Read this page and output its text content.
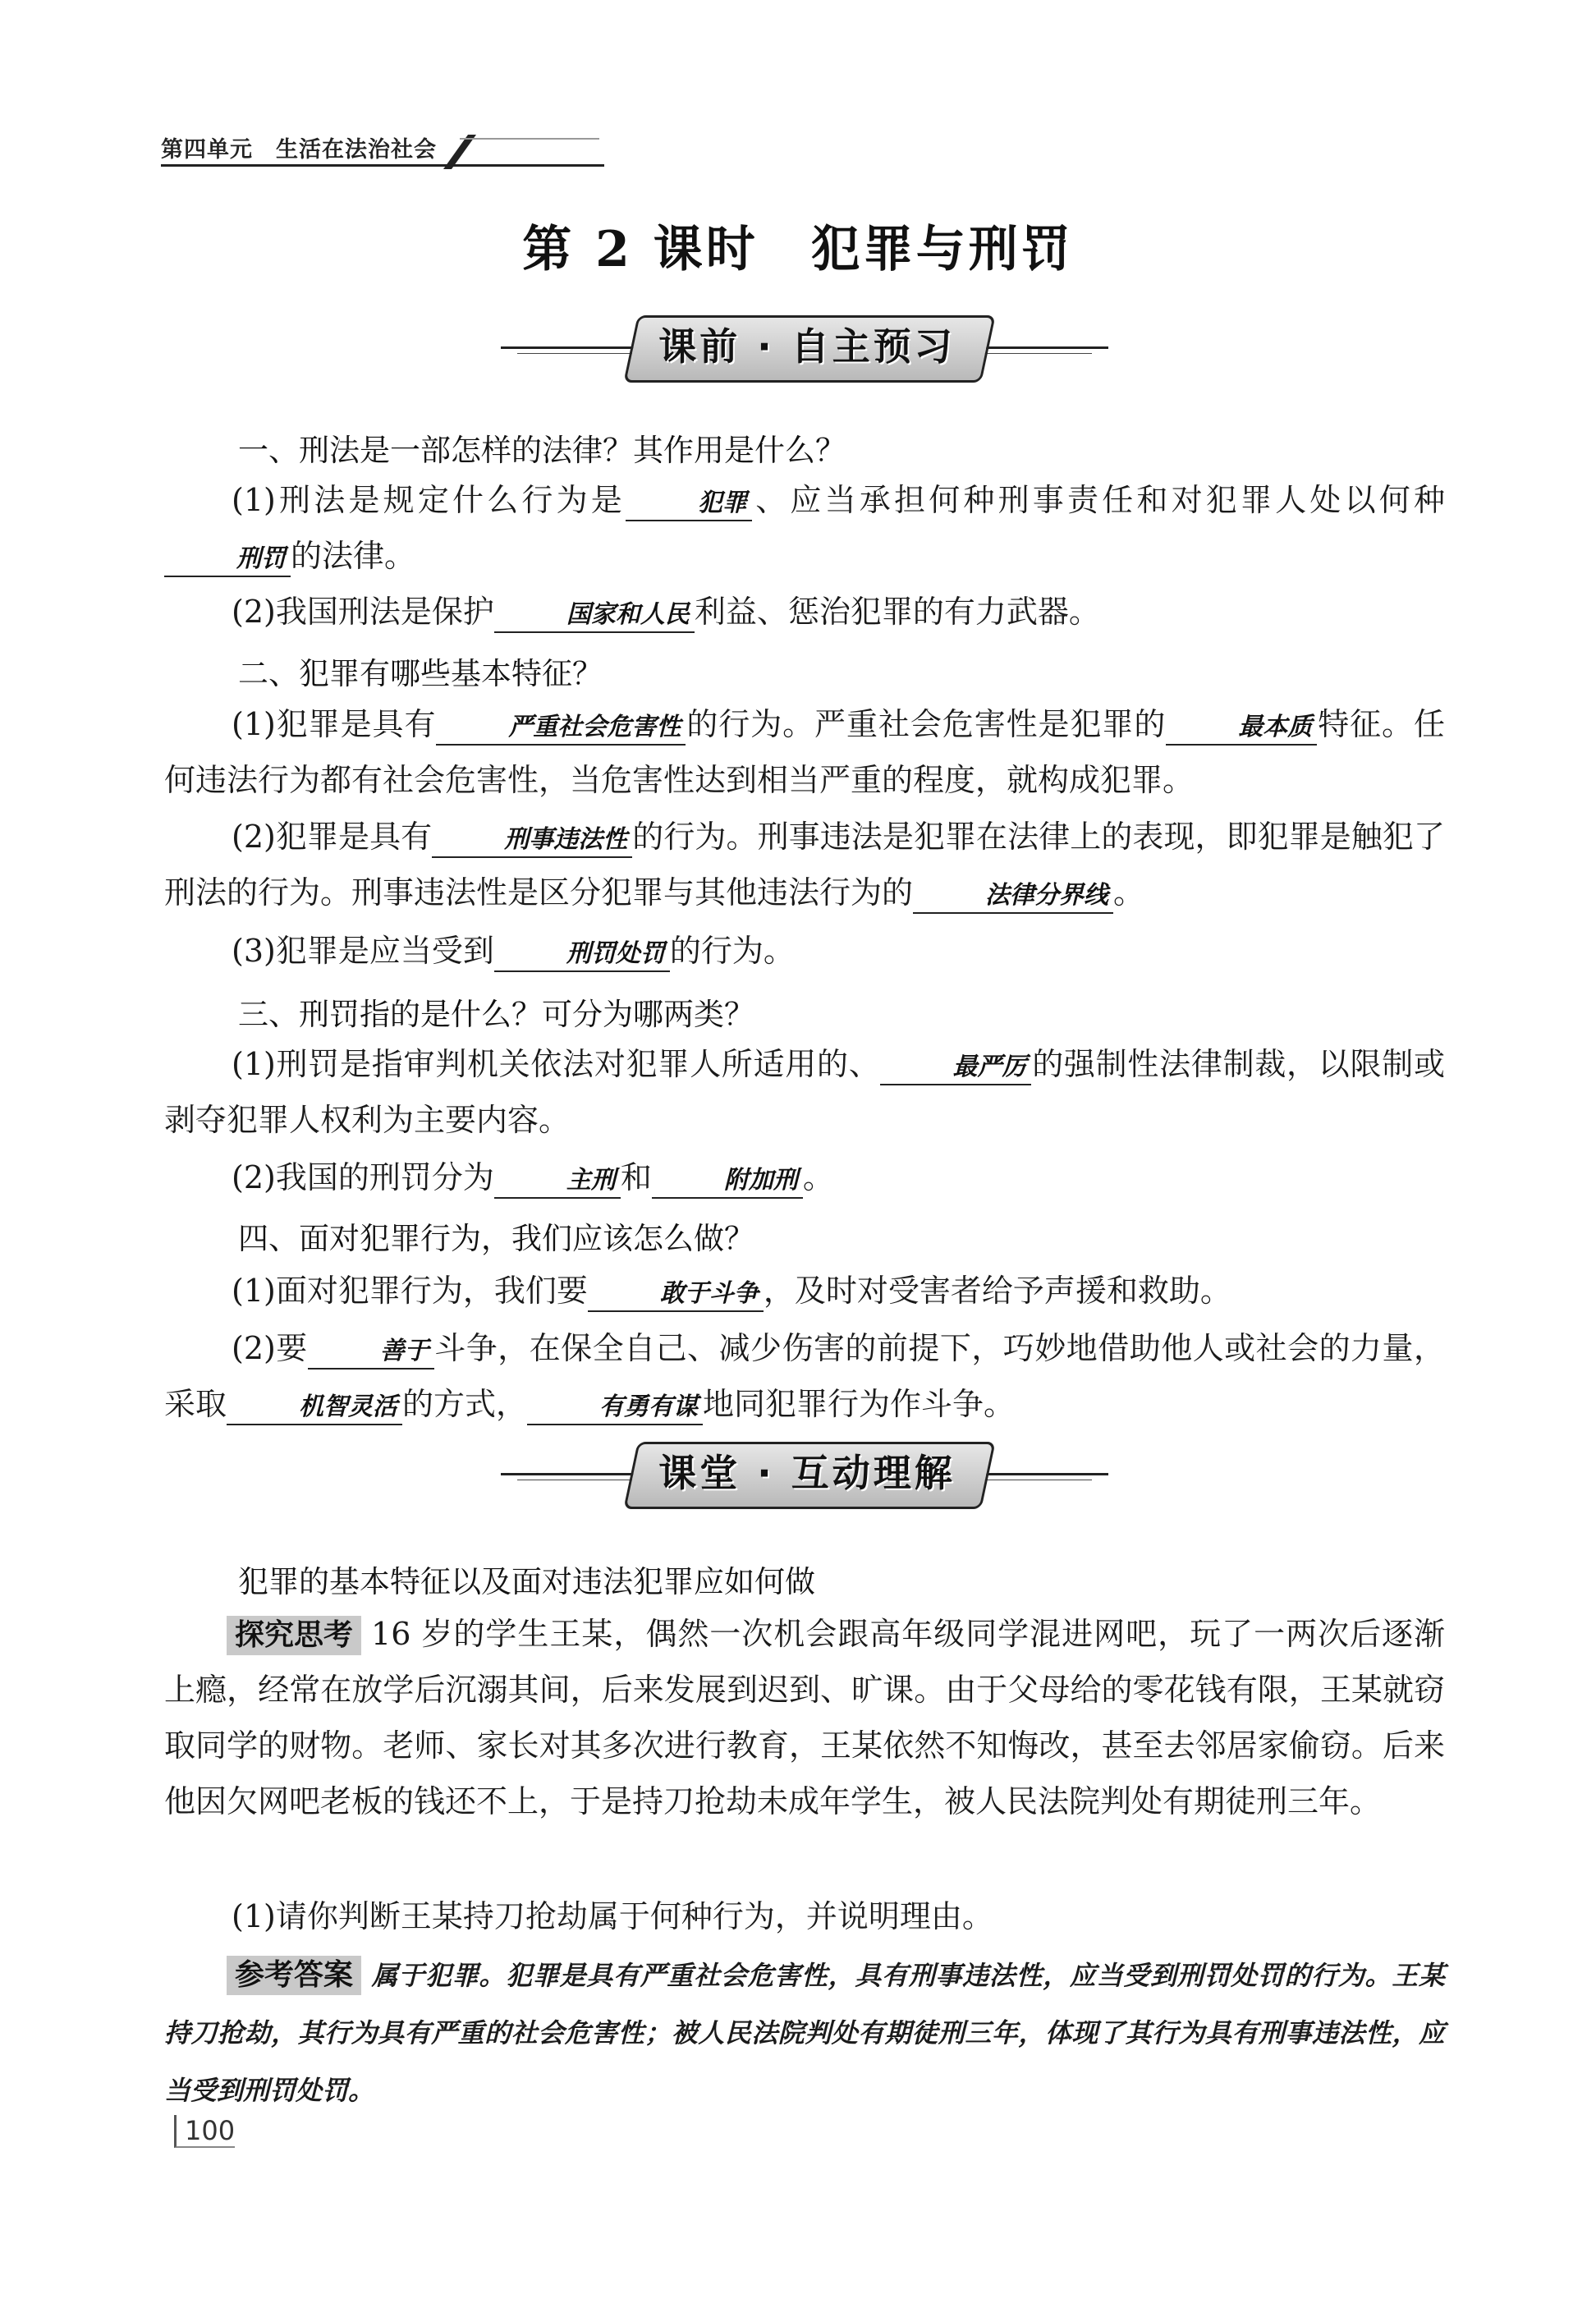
第四单元　 生活在法治社会
第 2 课时　犯罪与刑罚
课前 · 自主预习
一、刑法是一部怎样的法律？其作用是什么？
(1)刑法是规定什么行为是	犯罪 、应当承担何种刑事责任和对犯罪人处以何种刑罚 的法律。
(2)我国刑法是保护	国家和人民 利益、惩治犯罪的有力武器。
二、犯罪有哪些基本特征？
(1)犯罪是具有	严重社会危害性 的行为。严重社会危害性是犯罪的	最本质 特征。任何违法行为都有社会危害性，当危害性达到相当严重的程度，就构成犯罪。
(2)犯罪是具有	刑事违法性 的行为。刑事违法是犯罪在法律上的表现，即犯罪是触犯了刑法的行为。刑事违法性是区分犯罪与其他违法行为的	法律分界线 。
(3)犯罪是应当受到	刑罚处罚 的行为。
三、刑罚指的是什么？可分为哪两类？
(1)刑罚是指审判机关依法对犯罪人所适用的、	最严厉 的强制性法律制裁，以限制或剥夺犯罪人权利为主要内容。
(2)我国的刑罚分为	主刑 和	附加刑 。
四、面对犯罪行为，我们应该怎么做？
(1)面对犯罪行为，我们要	敢于斗争 ，及时对受害者给予声援和救助。
(2)要	善于 斗争，在保全自己、减少伤害的前提下，巧妙地借助他人或社会的力量，采取	机智灵活 的方式，	有勇有谋 地同犯罪行为作斗争。
课堂 · 互动理解
犯罪的基本特征以及面对违法犯罪应如何做
探究思考 16 岁的学生王某，偶然一次机会跟高年级同学混进网吧，玩了一两次后逐渐上瘾，经常在放学后沉溺其间，后来发展到迟到、旷课。由于父母给的零花钱有限，王某就窃取同学的财物。老师、家长对其多次进行教育，王某依然不知悔改，甚至去邻居家偷窃。后来他因欠网吧老板的钱还不上，于是持刀抢劫未成年学生，被人民法院判处有期徒刑三年。
(1)请你判断王某持刀抢劫属于何种行为，并说明理由。
参考答案 属于犯罪。犯罪是具有严重社会危害性，具有刑事违法性，应当受到刑罚处罚的行为。王某持刀抢劫，其行为具有严重的社会危害性；被人民法院判处有期徒刑三年，体现了其行为具有刑事违法性，应当受到刑罚处罚。
100
